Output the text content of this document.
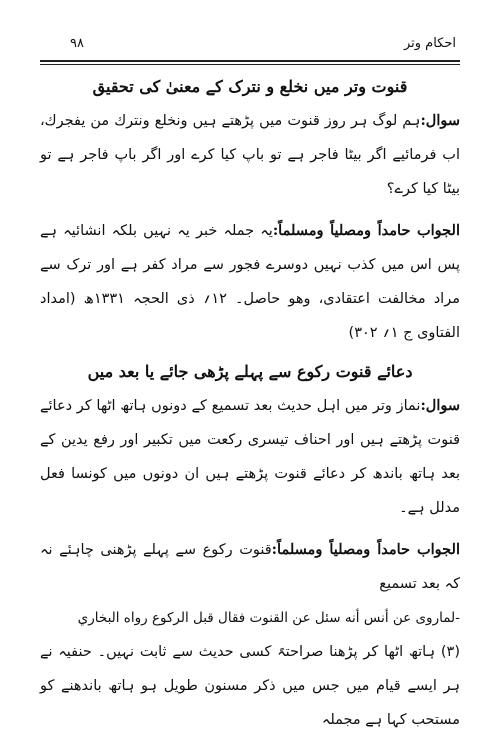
احکام وتر
۹۸
قنوت وتر میں نخلع و نترک کے معنیٰ کی تحقیق

سوال:ہم لوگ ہر روز قنوت میں پڑھتے ہیں ونخلع ونترك من یفجرك، اب فرمائیے اگر بیٹا فاجر ہے تو باپ کیا کرے اور اگر باپ فاجر ہے تو بیٹا کیا کرے؟

الجواب حامداً ومصلیاً ومسلماً:یہ جملہ خبر یہ نہیں بلکہ انشائیہ ہے پس اس میں کذب نہیں دوسرے فجور سے مراد کفر ہے اور ترک سے مراد مخالفت اعتقادی، وھو حاصل۔ ۱۲؍ ذی الحجہ ۱۳۳۱ھ (امداد الفتاوی ج ۱؍ ۳۰۲)

دعائے قنوت رکوع سے پہلے پڑھی جائے یا بعد میں

سوال:نماز وتر میں اہل حدیث بعد تسمیع کے دونوں ہاتھ اٹھا کر دعائے قنوت پڑھتے ہیں اور احناف تیسری رکعت میں تکبیر اور رفع یدین کے بعد ہاتھ باندھ کر دعائے قنوت پڑھتے ہیں ان دونوں میں کونسا فعل مدلل ہے۔

الجواب حامداً ومصلیاً ومسلماً:قنوت رکوع سے پہلے پڑھنی چاہئے نہ کہ بعد تسمیع

-لماروی عن أنس أنه سئل عن القنوت فقال قبل الركوع رواه البخاري

(۳) ہاتھ اٹھا کر پڑھنا صراحتہً کسی حدیث سے ثابت نہیں۔ حنفیہ نے ہر ایسے قیام میں جس میں ذکر مسنون طویل ہو ہاتھ باندھنے کو مستحب کہا ہے مجملہ
